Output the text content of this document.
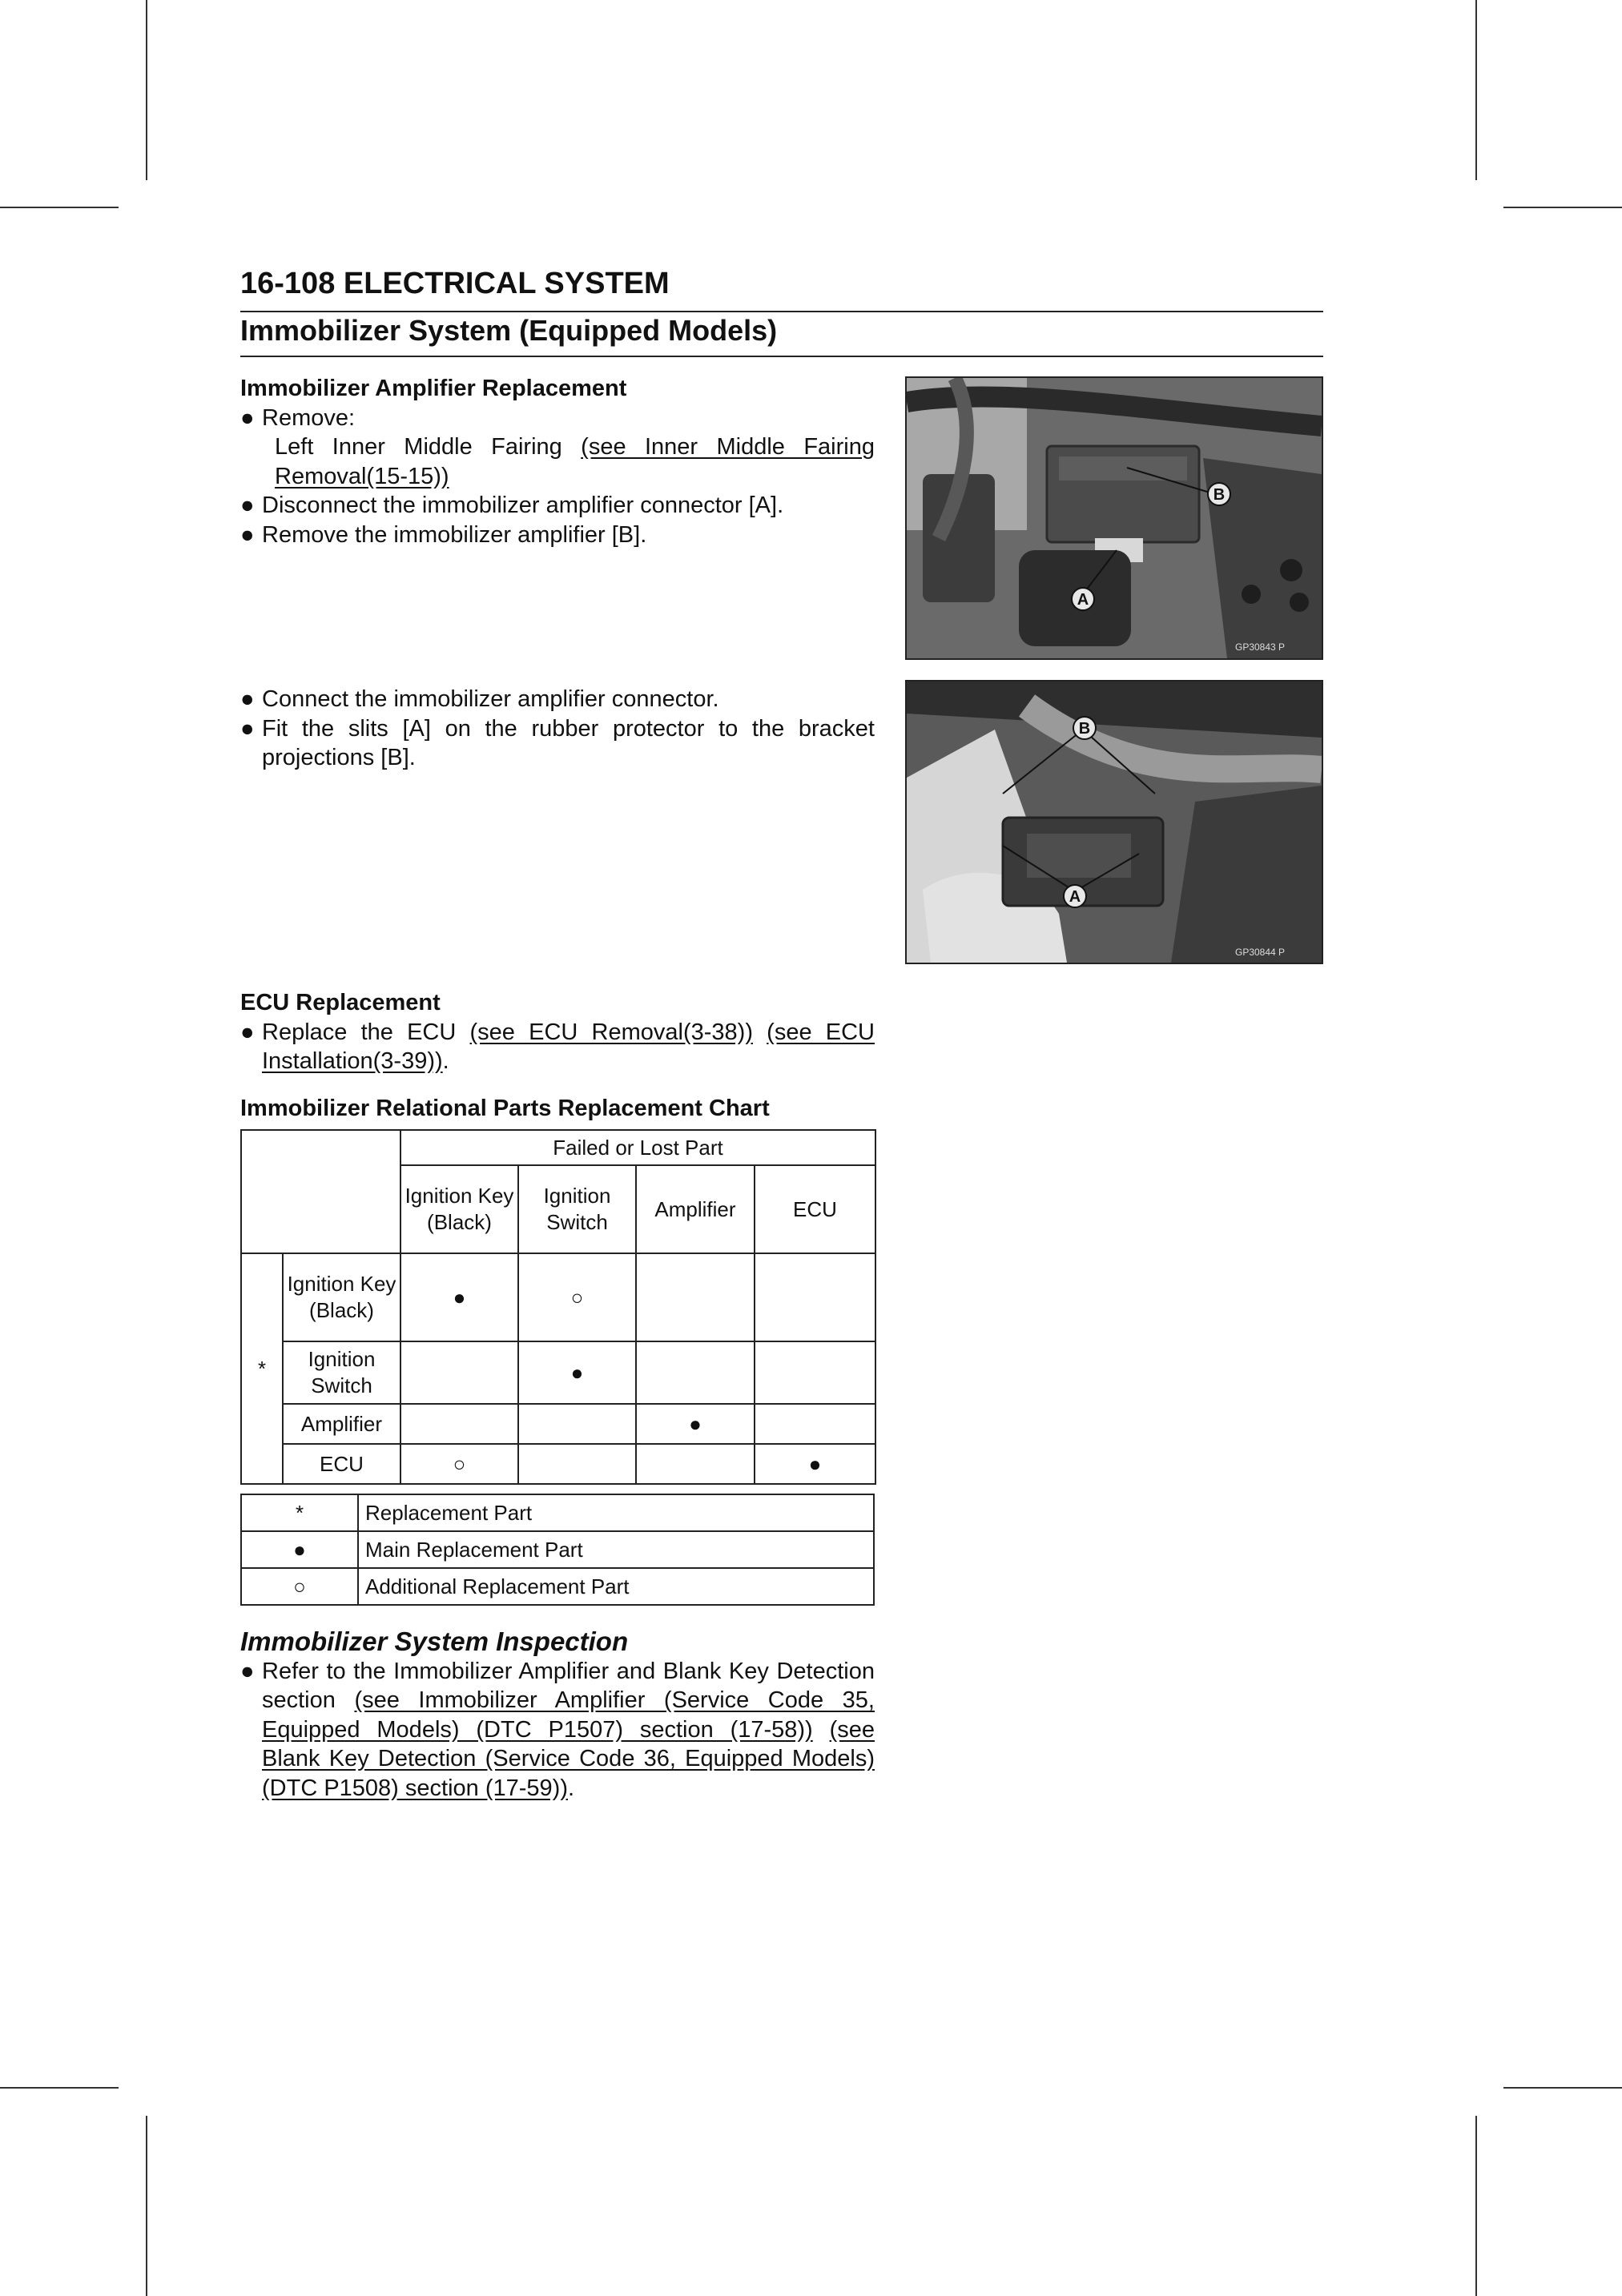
16-108 ELECTRICAL SYSTEM
Immobilizer System (Equipped Models)
Immobilizer Amplifier Replacement
● Remove:
Left Inner Middle Fairing (see Inner Middle Fairing Removal(15-15))
● Disconnect the immobilizer amplifier connector [A].
● Remove the immobilizer amplifier [B].
● Connect the immobilizer amplifier connector.
● Fit the slits [A] on the rubber protector to the bracket projections [B].
B
A
GP30843 P
B
A
GP30844 P
ECU Replacement
● Replace the ECU (see ECU Removal(3-38)) (see ECU Installation(3-39)).
Immobilizer Relational Parts Replacement Chart
		Failed or Lost Part			
		Ignition Key (Black)	Ignition Switch	Amplifier	ECU
*	Ignition Key (Black)	●	○		
	Ignition Switch		●		
	Amplifier			●	
	ECU	○			●
*	Replacement Part
●	Main Replacement Part
○	Additional Replacement Part
Immobilizer System Inspection
● Refer to the Immobilizer Amplifier and Blank Key Detection section (see Immobilizer Amplifier (Service Code 35, Equipped Models) (DTC P1507) section (17-58)) (see Blank Key Detection (Service Code 36, Equipped Models) (DTC P1508) section (17-59)).
